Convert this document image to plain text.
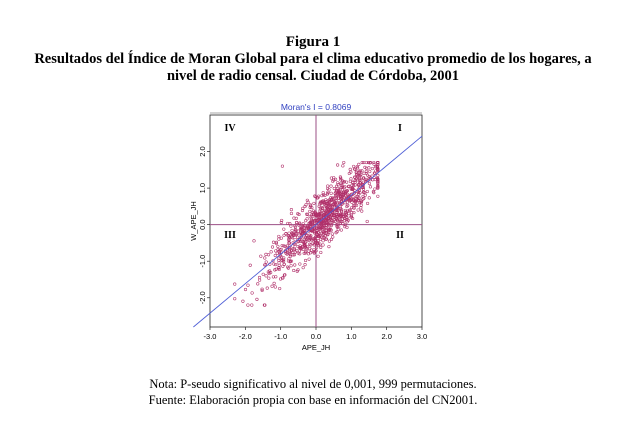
Figura 1
Resultados del Índice de Moran Global para el clima educativo promedio de los hogares, a
nivel de radio censal. Ciudad de Córdoba, 2001
Moran's I = 0.8069
IV	I
III	II
-3.0	-2.0	-1.0	0.0	1.0	2.0	3.0
-2.0
-1.0
0.0
1.0
2.0
APE_JH
W_APE_JH
Nota: P-seudo significativo al nivel de 0,001, 999 permutaciones.
Fuente: Elaboración propia con base en información del CN2001.
